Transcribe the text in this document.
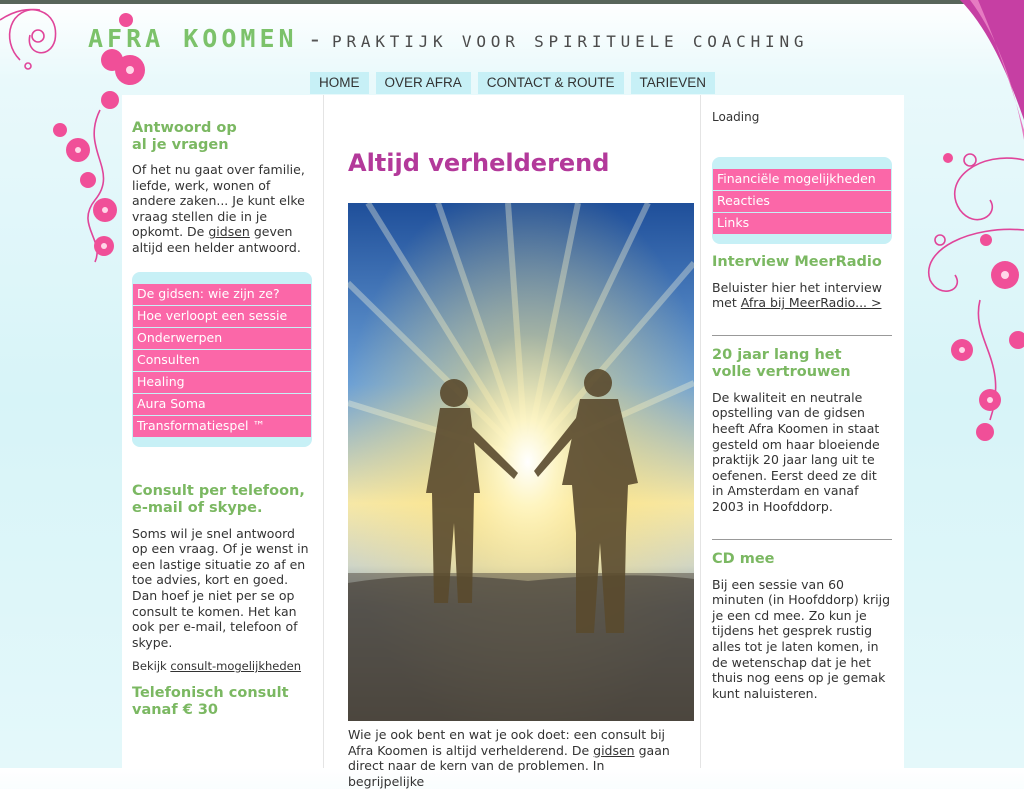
AFRA KOOMEN - PRAKTIJK VOOR SPIRITUELE COACHING
HOME	OVER AFRA	CONTACT & ROUTE	TARIEVEN
Antwoord op
al je vragen

Of het nu gaat over familie, liefde, werk, wonen of andere zaken... Je kunt elke vraag stellen die in je opkomt. De gidsen geven altijd een helder antwoord.

De gidsen: wie zijn ze?
Hoe verloopt een sessie
Onderwerpen
Consulten
Healing
Aura Soma
Transformatiespel ™
Consult per telefoon,
e-mail of skype.

Soms wil je snel antwoord op een vraag. Of je wenst in een lastige situatie zo af en toe advies, kort en goed. Dan hoef je niet per se op consult te komen. Het kan ook per e-mail, telefoon of skype.

Bekijk consult-mogelijkheden

Telefonisch consult
vanaf € 30
Altijd verhelderend

Wie je ook bent en wat je ook doet: een consult bij Afra Koomen is altijd verhelderend. De gidsen gaan direct naar de kern van de problemen. In begrijpelijke

Loading

Financiële mogelijkheden
Reacties
Links
Interview MeerRadio

Beluister hier het interview met Afra bij MeerRadio... >

20 jaar lang het
volle vertrouwen

De kwaliteit en neutrale opstelling van de gidsen heeft Afra Koomen in staat gesteld om haar bloeiende praktijk 20 jaar lang uit te oefenen. Eerst deed ze dit in Amsterdam en vanaf 2003 in Hoofddorp.

CD mee

Bij een sessie van 60 minuten (in Hoofddorp) krijg je een cd mee. Zo kun je tijdens het gesprek rustig alles tot je laten komen, in de wetenschap dat je het thuis nog eens op je gemak kunt naluisteren.
